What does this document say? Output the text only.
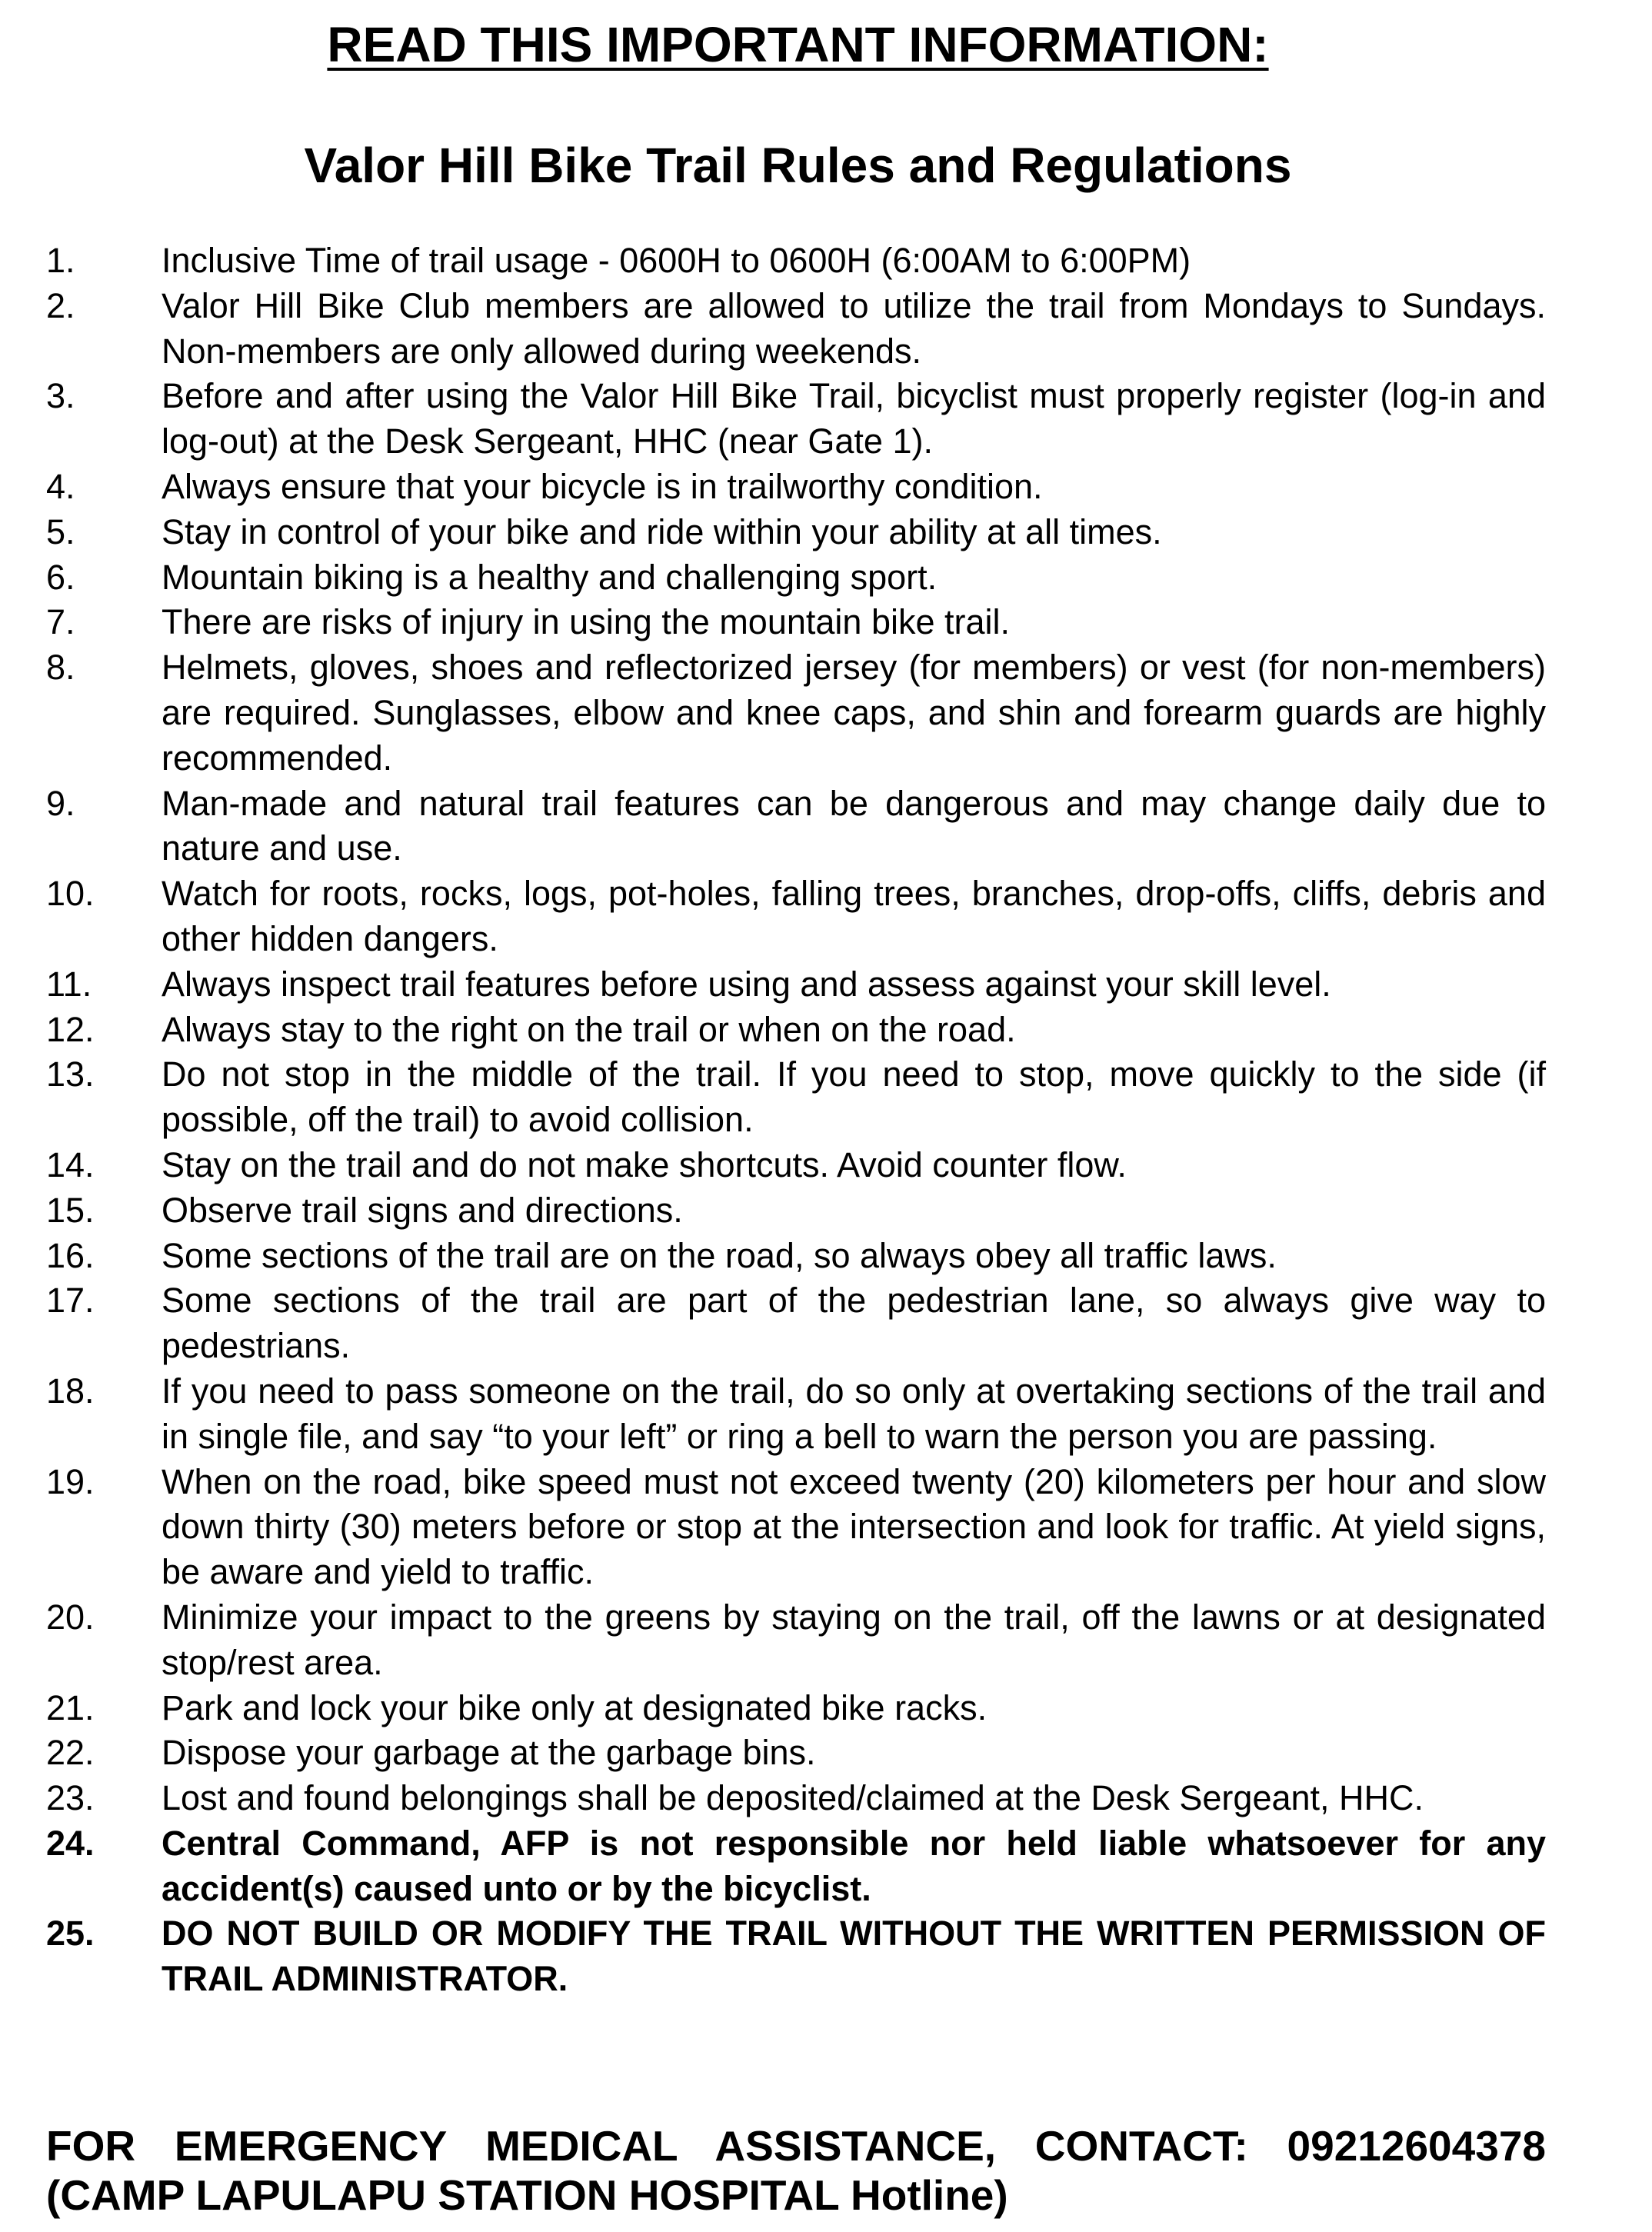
READ THIS IMPORTANT INFORMATION:
Valor Hill Bike Trail Rules and Regulations
1.	Inclusive Time of trail usage - 0600H to 0600H (6:00AM to 6:00PM)
2.	Valor Hill Bike Club members are allowed to utilize the trail from Mondays to Sundays. Non-members are only allowed during weekends.
3.	Before and after using the Valor Hill Bike Trail, bicyclist must properly register (log-in and log-out) at the Desk Sergeant, HHC (near Gate 1).
4.	Always ensure that your bicycle is in trailworthy condition.
5.	Stay in control of your bike and ride within your ability at all times.
6.	Mountain biking is a healthy and challenging sport.
7.	There are risks of injury in using the mountain bike trail.
8.	Helmets, gloves, shoes and reflectorized jersey (for members) or vest (for non-members) are required. Sunglasses, elbow and knee caps, and shin and forearm guards are highly recommended.
9.	Man-made and natural trail features can be dangerous and may change daily due to nature and use.
10.	Watch for roots, rocks, logs, pot-holes, falling trees, branches, drop-offs, cliffs, debris and other hidden dangers.
11.	Always inspect trail features before using and assess against your skill level.
12.	Always stay to the right on the trail or when on the road.
13.	Do not stop in the middle of the trail. If you need to stop, move quickly to the side (if possible, off the trail) to avoid collision.
14.	Stay on the trail and do not make shortcuts. Avoid counter flow.
15.	Observe trail signs and directions.
16.	Some sections of the trail are on the road, so always obey all traffic laws.
17.	Some sections of the trail are part of the pedestrian lane, so always give way to pedestrians.
18.	If you need to pass someone on the trail, do so only at overtaking sections of the trail and in single file, and say “to your left” or ring a bell to warn the person you are passing.
19.	When on the road, bike speed must not exceed twenty (20) kilometers per hour and slow down thirty (30) meters before or stop at the intersection and look for traffic. At yield signs, be aware and yield to traffic.
20.	Minimize your impact to the greens by staying on the trail, off the lawns or at designated stop/rest area.
21.	Park and lock your bike only at designated bike racks.
22.	Dispose your garbage at the garbage bins.
23.	Lost and found belongings shall be deposited/claimed at the Desk Sergeant, HHC.
24.	Central Command, AFP is not responsible nor held liable whatsoever for any accident(s) caused unto or by the bicyclist.
25.	DO NOT BUILD OR MODIFY THE TRAIL WITHOUT THE WRITTEN PERMISSION OF TRAIL ADMINISTRATOR.

FOR EMERGENCY MEDICAL ASSISTANCE, CONTACT: 09212604378
(CAMP LAPULAPU STATION HOSPITAL Hotline)
